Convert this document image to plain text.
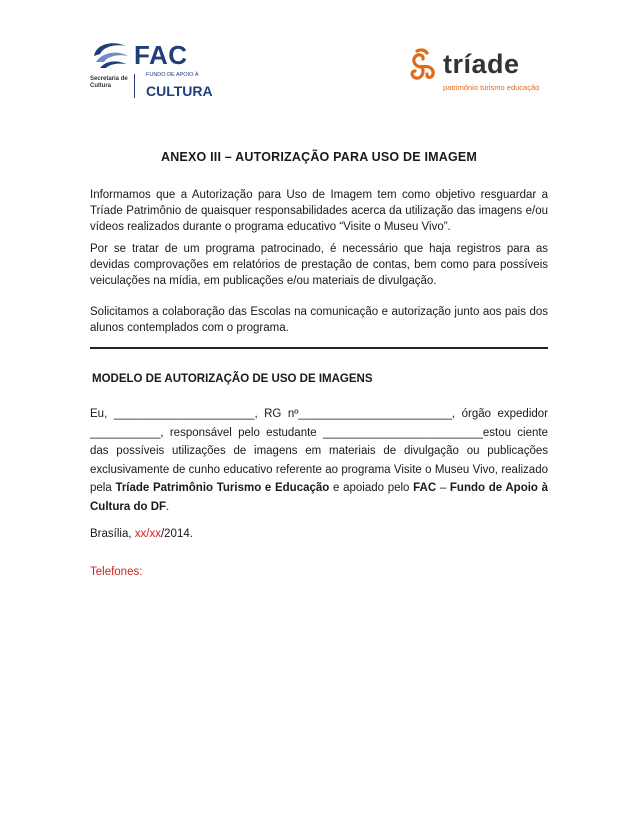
FAC
Secretaria de Cultura
FUNDO DE APOIO À
CULTURA
tríade
patrimônio turismo educação
ANEXO III – AUTORIZAÇÃO PARA USO DE IMAGEM
Informamos que a Autorização para Uso de Imagem tem como objetivo resguardar a Tríade Patrimônio de quaisquer responsabilidades acerca da utilização das imagens e/ou vídeos realizados durante o programa educativo “Visite o Museu Vivo”.
Por se tratar de um programa patrocinado, é necessário que haja registros para as devidas comprovações em relatórios de prestação de contas, bem como para possíveis veiculações na mídia, em publicações e/ou materiais de divulgação.
Solicitamos a colaboração das Escolas na comunicação e autorização junto aos pais dos alunos contemplados com o programa.
MODELO DE AUTORIZAÇÃO DE USO DE IMAGENS
Eu, ______________________, RG nº________________________, órgão expedidor
___________, responsável pelo estudante _________________________estou ciente das possíveis utilizações de imagens em materiais de divulgação ou publicações exclusivamente de cunho educativo referente ao programa Visite o Museu Vivo, realizado pela Tríade Patrimônio Turismo e Educação e apoiado pelo FAC – Fundo de Apoio à Cultura do DF.
Brasília, xx/xx/2014.
Telefones:
